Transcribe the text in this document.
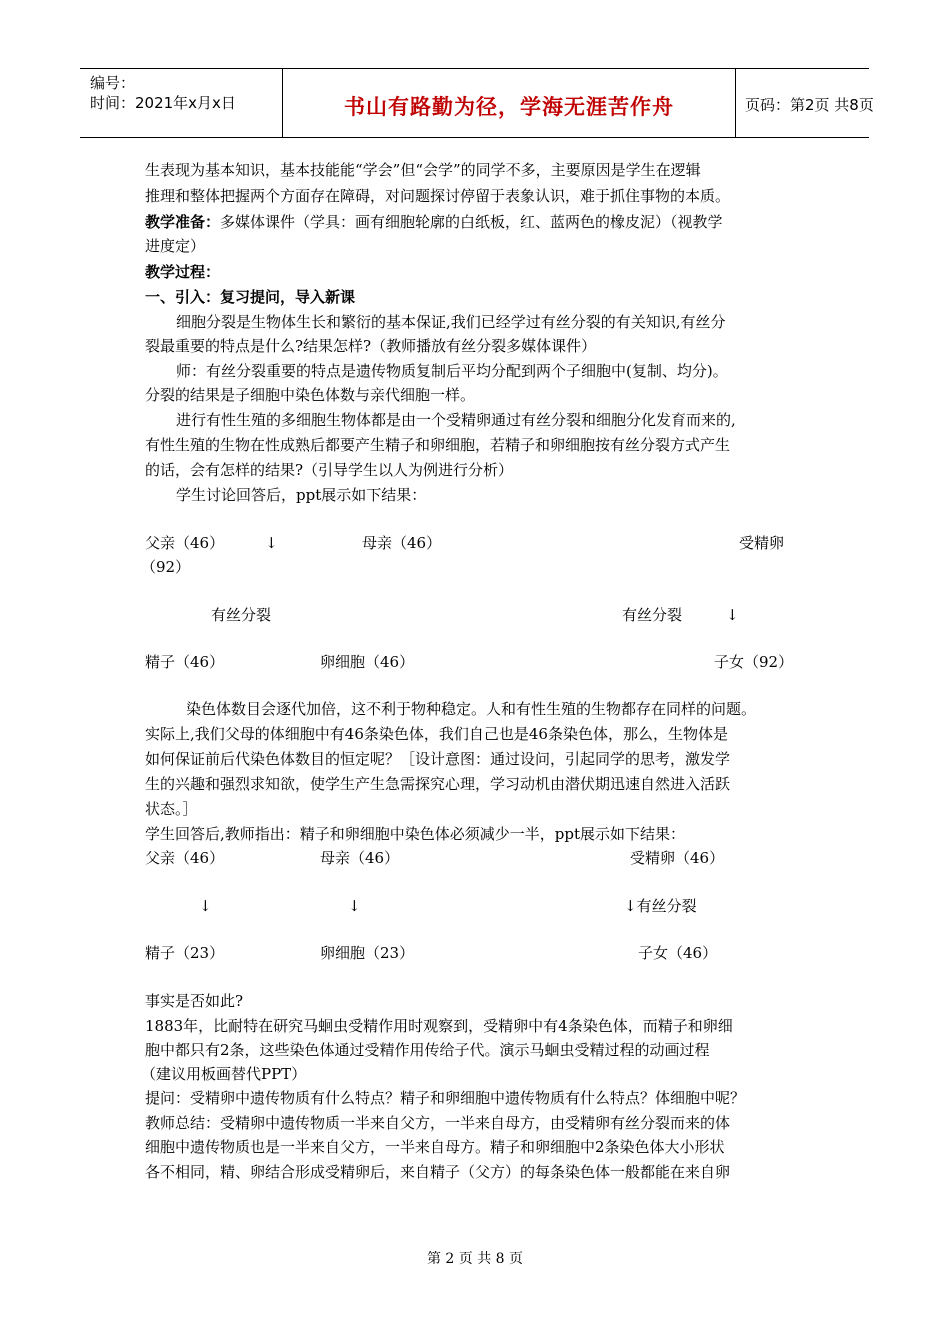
编号：
时间：2021年x月x日	书山有路勤为径，学海无涯苦作舟	页码：第2页 共8页
生表现为基本知识，基本技能能“学会”但“会学”的同学不多，主要原因是学生在逻辑
推理和整体把握两个方面存在障碍，对问题探讨停留于表象认识，难于抓住事物的本质。
教学准备：多媒体课件（学具：画有细胞轮廓的白纸板，红、蓝两色的橡皮泥）（视教学
进度定）
教学过程：
一、引入：复习提问，导入新课
细胞分裂是生物体生长和繁衍的基本保证,我们已经学过有丝分裂的有关知识,有丝分
裂最重要的特点是什么?结果怎样?（教师播放有丝分裂多媒体课件）
师：有丝分裂重要的特点是遗传物质复制后平均分配到两个子细胞中(复制、均分)。
分裂的结果是子细胞中染色体数与亲代细胞一样。
进行有性生殖的多细胞生物体都是由一个受精卵通过有丝分裂和细胞分化发育而来的,
有性生殖的生物在性成熟后都要产生精子和卵细胞，若精子和卵细胞按有丝分裂方式产生
的话，会有怎样的结果?（引导学生以人为例进行分析）
学生讨论回答后，ppt展示如下结果：
父亲（46）	↓	母亲（46）	受精卵
（92）
有丝分裂	有丝分裂	↓
精子（46）	卵细胞（46）	子女（92）
染色体数目会逐代加倍，这不利于物种稳定。人和有性生殖的生物都存在同样的问题。
实际上,我们父母的体细胞中有46条染色体，我们自己也是46条染色体，那么，生物体是
如何保证前后代染色体数目的恒定呢？［设计意图：通过设问，引起同学的思考，激发学
生的兴趣和强烈求知欲，使学生产生急需探究心理，学习动机由潜伏期迅速自然进入活跃
状态。］
学生回答后,教师指出：精子和卵细胞中染色体必须减少一半，ppt展示如下结果：
父亲（46）	母亲（46）	受精卵（46）
↓	↓	↓有丝分裂
精子（23）	卵细胞（23）	子女（46）
事实是否如此?
1883年，比耐特在研究马蛔虫受精作用时观察到，受精卵中有4条染色体，而精子和卵细
胞中都只有2条，这些染色体通过受精作用传给子代。演示马蛔虫受精过程的动画过程
（建议用板画替代PPT）
提问：受精卵中遗传物质有什么特点？精子和卵细胞中遗传物质有什么特点？体细胞中呢？
教师总结：受精卵中遗传物质一半来自父方，一半来自母方，由受精卵有丝分裂而来的体
细胞中遗传物质也是一半来自父方，一半来自母方。精子和卵细胞中2条染色体大小形状
各不相同，精、卵结合形成受精卵后，来自精子（父方）的每条染色体一般都能在来自卵
第 2 页 共 8 页
